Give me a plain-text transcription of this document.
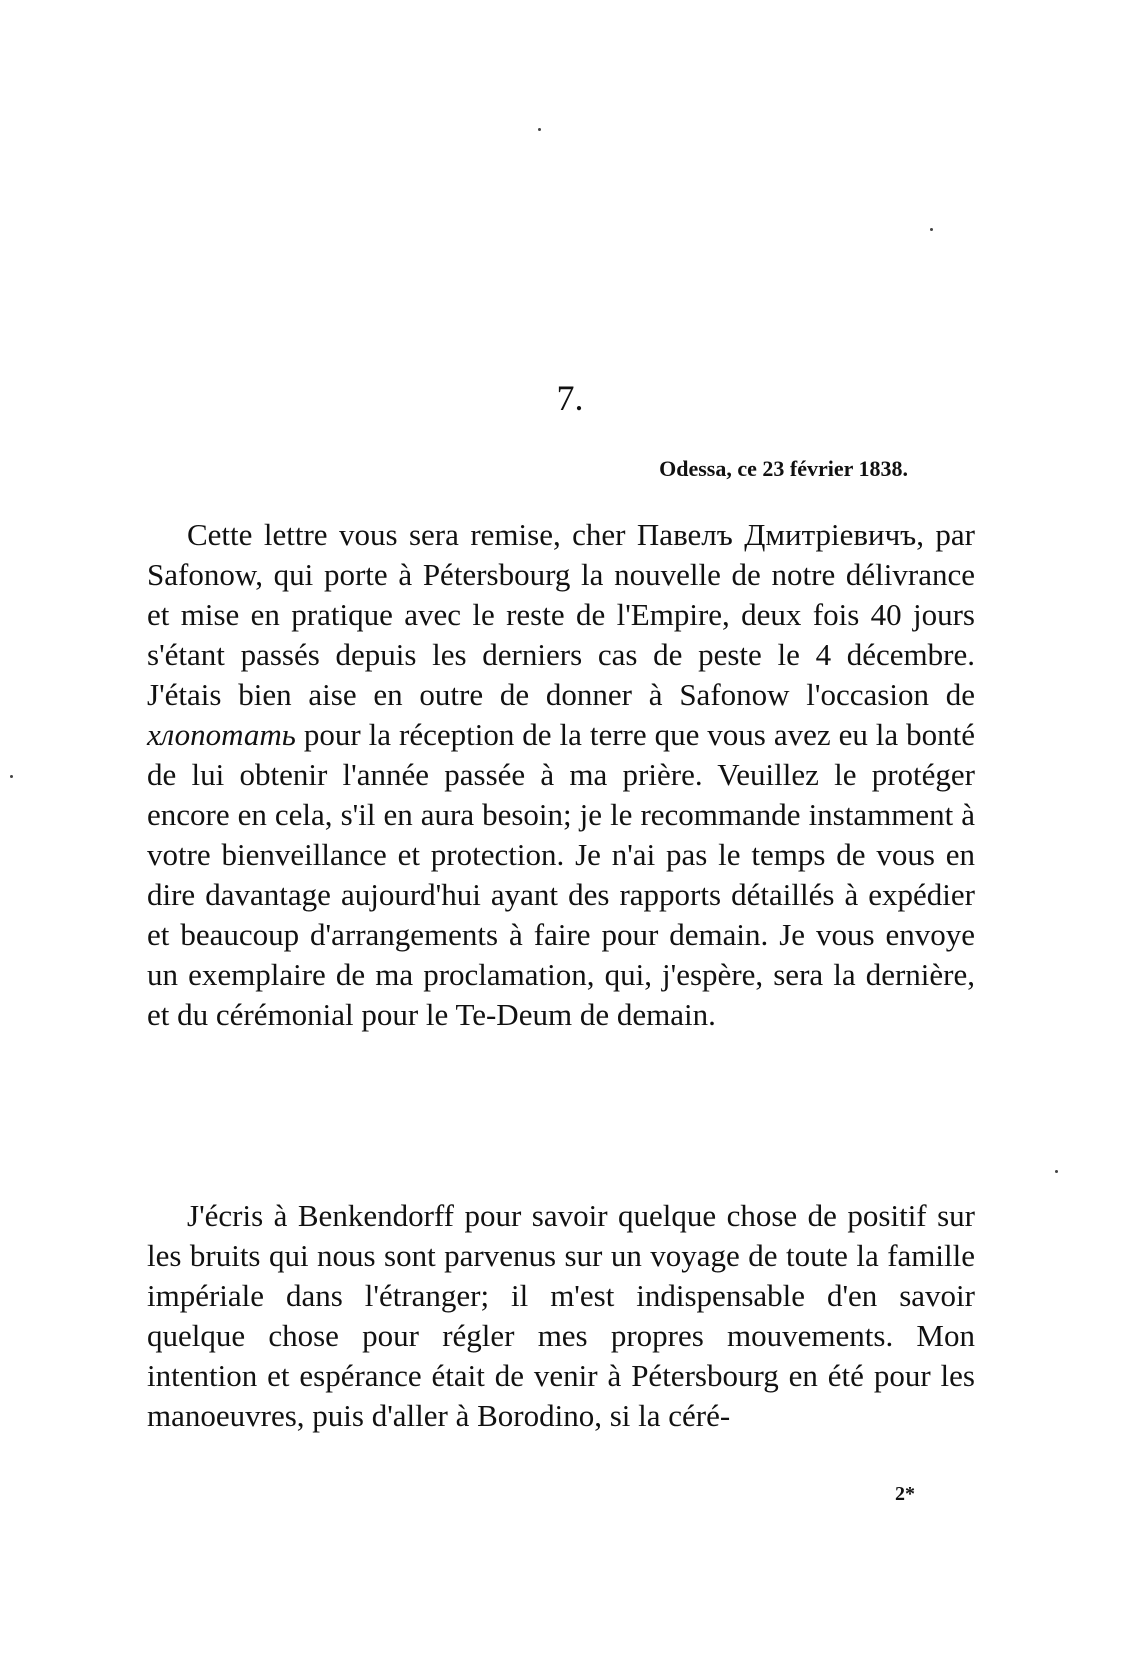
7.
Odessa, ce 23 février 1838.

Cette lettre vous sera remise, cher Павелъ Дмитріевичъ, par Safonow, qui porte à Pétersbourg la nouvelle de notre délivrance et mise en pratique avec le reste de l'Empire, deux fois 40 jours s'étant passés depuis les derniers cas de peste le 4 décembre. J'étais bien aise en outre de donner à Safonow l'occasion de хлопотать pour la réception de la terre que vous avez eu la bonté de lui obtenir l'année passée à ma prière. Veuillez le protéger encore en cela, s'il en aura besoin; je le recommande instamment à votre bienveillance et protection. Je n'ai pas le temps de vous en dire davantage aujourd'hui ayant des rapports détaillés à expédier et beaucoup d'arrangements à faire pour demain. Je vous envoye un exemplaire de ma proclamation, qui, j'espère, sera la dernière, et du cérémonial pour le Te-Deum de demain.

J'écris à Benkendorff pour savoir quelque chose de positif sur les bruits qui nous sont parvenus sur un voyage de toute la famille impériale dans l'étranger; il m'est indispensable d'en savoir quelque chose pour régler mes propres mouvements. Mon intention et espérance était de venir à Pétersbourg en été pour les manoeuvres, puis d'aller à Borodino, si la céré-

2*
